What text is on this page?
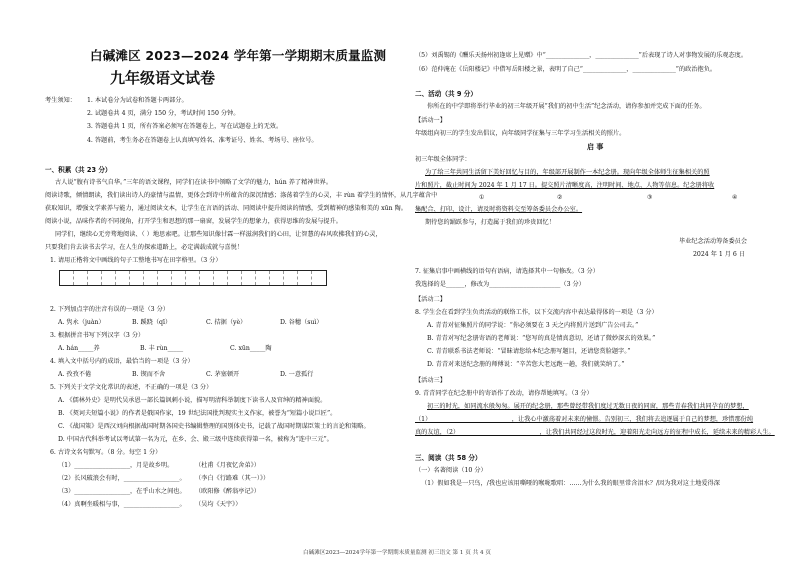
白碱滩区 2023—2024 学年第一学期期末质量监测
九年级语文试卷
考生须知： 1. 本试卷分为试卷和答题卡两部分。
2. 试题卷共 4 页，满分 150 分，考试时间 150 分钟。
3. 答题卷共 1 页，所有答案必须写在答题卷上，写在试题卷上的无效。
4. 答题前，考生务必在答题卷上认真填写姓名、准考证号、姓名、考场号、座位号。
一、积累（共 23 分）
古人说“腹有诗书气自华。”三年的语文课程，同学们在读书中领略了文学的魅力，hún 养了精神世界。
阅读诗歌，倾情朗读，我们读出诗人的豪情与温情，更体会到诗中所蕴含的深沉情感；涤荡着学生的心灵，丰 rùn 着学生的情怀，从几字蕴含中
获取知识，增强文学素养与能力，通过阅读文本，让学生在言语的活动、同阅读中提升阅读的情感，受到精神的感染和美的 xūn 陶。
阅读小说，品味作者的不同视角，打开学生和思想的那一扇窗，发展学生的想象力，获得思维的发展与提升。
同学们，继续心无旁骛地阅读、（ ）地思索吧。让那些知识像甘霖一样滋润我们的心田，让智慧的春风吹拂我们的心灵，
只要我们肯去读书去学习，在人生的探索道路上，必定满载成就与喜悦！
1. 请用正楷将文中画线的句子工整地书写在田字格里。（3 分）
2. 下列加点字的注音有误的一项是（3 分）
A. 隽永（juàn）	B. 蹊跷（qī）	C. 拮据（yè）	D. 谷穗（suì）
3. 根据拼音书写下列汉字（3 分）
A. hán_____养	B. 丰 rùn_____	C. xūn_____陶
4. 填入文中括号内的成语，最恰当的一项是（3 分）
A. 孜孜不倦	B. 锲而不舍	C. 茅塞顿开	D. 一意孤行
5. 下列关于文学文化常识的表述，不正确的一项是（3 分）
A. 《儒林外史》是明代吴承恩一部长篇讽刺小说，描写明清科举制度下读书人及官绅的精神面貌。
B. 《契诃夫短篇小说》的作者是俄国作家，19 世纪法国批判现实主义作家，被誉为“短篇小说巨匠”。
C. 《战国策》是西汉刘向根据战国时期各国史书编辑整理的国别体史书，记载了战国时期谋臣策士的言论和策略。
D. 中国古代科举考试以考试第一名为元，在乡、会、殿三级中连续获得第一名，被称为“连中三元”。
6. 古诗文名句默写。（8 分。每空 1 分）
（1）__________________，月是故乡明。	（杜甫《月夜忆舍弟》）
（2）长风破浪会有时，__________________。 （李白《行路难（其一）》）
（3）__________________，在乎山水之间也。 （欧阳修《醉翁亭记》）
（4）真啊坐暖相与事，__________________。 （吴均《天宇》）
（5）刘禹锡的《酬乐天扬州初逢席上见赠》中“______________，______________”后表现了诗人对事物发展的乐观态度。
（6）范仲淹在《岳阳楼记》中借写岳阳楼之景，表明了自己“______________，______________”的政治抱负。
二、活动（共 9 分）
你所在的中学即将举行毕业的初三年级开展“我们的初中生活”纪念活动，请你参加并完成下面的任务。
【活动一】
年级组向初三的学生发出倡议，向年级同学征集与三年学习生活相关的照片。
启 事
初三年级全体同学：
为了给三年共同生活留下美好回忆与目的，年级部开展制作一本纪念册。现向年级全体师生征集相关的照
片和照片，截止时间为 2024 年 1 月 17 日。提交照片清晰度高，注明时间、地点、人物等信息。纪念册将收
①	②	③	④
集配合、打印、设计，请及时将资料交至筹备委员会办公室。
期待您的踊跃参与，打造属于我们的珍贵回忆！
毕业纪念活动筹备委员会
2024 年 1 月 6 日
7. 征集启事中画横线的语句有语病，请选择其中一句修改。（3 分）
我选择的是______，修改为_______________________（3 分）
【活动二】
8. 学生会在看到学生负责活动的联络工作，以下交流内容中表达最得体的一项是（3 分）
A. 青青对征集照片的同学说：“你必须要在 3 天之内将照片送到广告公司去。”
B. 青青对写纪念册寄语的老师说：“您写的真是情真意切，还请了微妙深玄的效果。”
C. 青青联系书法老师说：“冒昧请您给本纪念册写题目，还请您赏脸题字。”
D. 青青对来送纪念册的师傅说：“辛苦您大老远跑一趟，我们就笑纳了。”
【活动三】
9. 青青同学在纪念册中的寄语作了改动，请你帮她填写。（3 分）
初三的时光，如同流水般匆匆。展开的纪念册，那些曾经带我们度过无数日夜的同窗，那些青春我们共同孕育的梦想，
（1）__________________________，让我心中激荡着对未来的憧憬。告别初三，我们将去追逐属于自己的梦想，珍惜那份纯
真的友谊，（2）__________________________，让我们共同经过这段时光，迎着阳光走向远方的征程中成长，延续未来的精彩人生。
三、阅读（共 58 分）
（一）名著阅读（10 分）
（1）假如我是一只鸟，/我也应该用嘶哑的喉咙歌唱：……为什么我的眼里常含泪水？/因为我对这土地爱得深
白碱滩区2023—2024学年第一学期期末质量监测 初三语文 第 1 页 共 4 页
